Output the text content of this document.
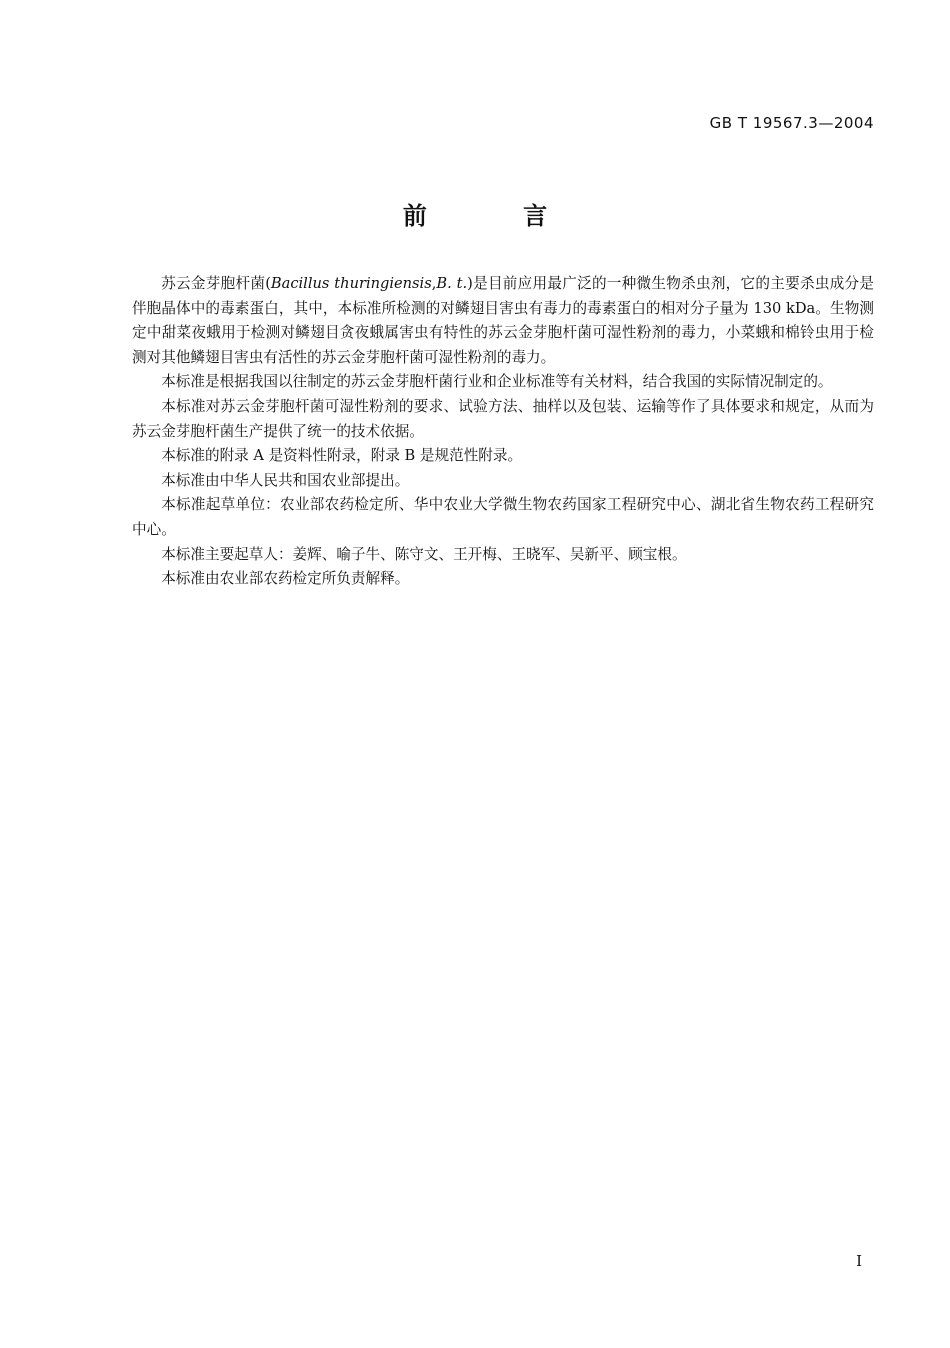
GB T 19567.3—2004
前 言

苏云金芽胞杆菌(Bacillus thuringiensis,B. t.)是目前应用最广泛的一种微生物杀虫剂，它的主要杀虫成分是伴胞晶体中的毒素蛋白，其中，本标准所检测的对鳞翅目害虫有毒力的毒素蛋白的相对分子量为 130 kDa。生物测定中甜菜夜蛾用于检测对鳞翅目贪夜蛾属害虫有特性的苏云金芽胞杆菌可湿性粉剂的毒力，小菜蛾和棉铃虫用于检测对其他鳞翅目害虫有活性的苏云金芽胞杆菌可湿性粉剂的毒力。

本标准是根据我国以往制定的苏云金芽胞杆菌行业和企业标准等有关材料，结合我国的实际情况制定的。

本标准对苏云金芽胞杆菌可湿性粉剂的要求、试验方法、抽样以及包装、运输等作了具体要求和规定，从而为苏云金芽胞杆菌生产提供了统一的技术依据。

本标准的附录 A 是资料性附录，附录 B 是规范性附录。

本标准由中华人民共和国农业部提出。

本标准起草单位：农业部农药检定所、华中农业大学微生物农药国家工程研究中心、湖北省生物农药工程研究中心。

本标准主要起草人：姜辉、喻子牛、陈守文、王开梅、王晓军、吴新平、顾宝根。

本标准由农业部农药检定所负责解释。

I
